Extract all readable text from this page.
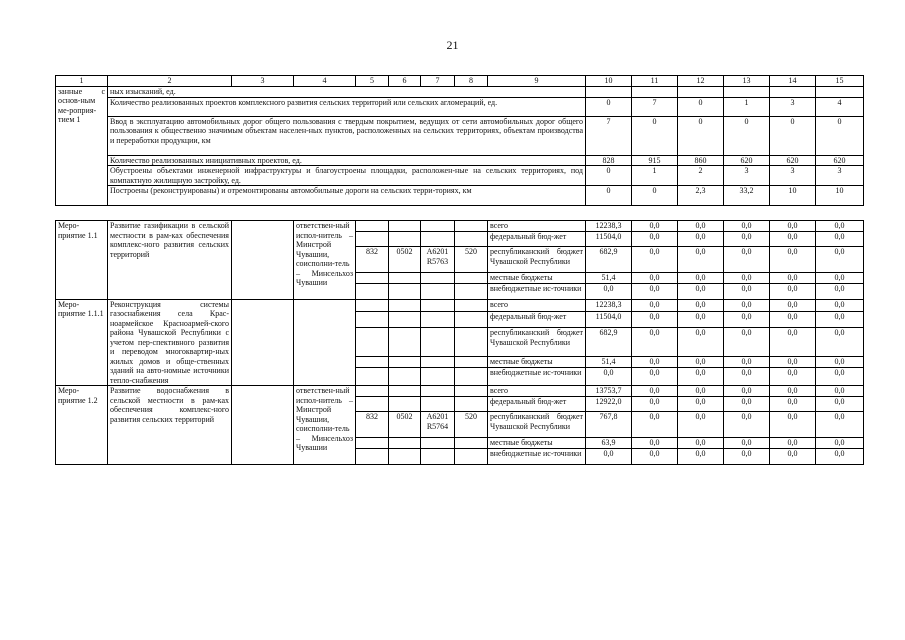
21
1	2	3	4	5	6	7	8	9	10	11	12	13	14	15
занные с основ-ным ме-роприя-тием 1	ных изысканий, ед.													
	Количество реализованных проектов комплексного развития сельских территорий или сельских агломераций, ед.								0	7	0	1	3	4
	Ввод в эксплуатацию автомобильных дорог общего пользования с твердым покрытием, ведущих от сети автомобильных дорог общего пользования к общественно значимым объектам населен-ных пунктов, расположенных на сельских территориях, объектам производства и переработки продукции, км								7	0	0	0	0	0
	Количество реализованных инициативных проектов, ед.								828	915	860	620	620	620
	Обустроены объектами инженерной инфраструктуры и благоустроены площадки, расположен-ные на сельских территориях, под компактную жилищную застройку, ед.								0	1	2	3	3	3
	Построены (реконструированы) и отремонтированы автомобильные дороги на сельских терри-ториях, км								0	0	2,3	33,2	10	10

Меро-приятие 1.1	Развитие газификации в сельской местности в рам-ках обеспечения комплекс-ного развития сельских территорий		ответствен-ный испол-нитель – Минстрой Чувашии, соисполни-тель – Минсельхоз Чувашии					всего	12238,3	0,0	0,0	0,0	0,0	0,0
								федеральный бюд-жет	11504,0	0,0	0,0	0,0	0,0	0,0
				832	0502	А6201 R5763	520	республиканский бюджет Чувашской Республики	682,9	0,0	0,0	0,0	0,0	0,0
								местные бюджеты	51,4	0,0	0,0	0,0	0,0	0,0
								внебюджетные ис-точники	0,0	0,0	0,0	0,0	0,0	0,0
Меро-приятие 1.1.1	Реконструкция системы газоснабжения села Крас-ноармейское Красноармей-ского района Чувашской Республики с учетом пер-спективного развития и переводом многоквартир-ных жилых домов и обще-ственных зданий на авто-номные источники тепло-снабжения							всего	12238,3	0,0	0,0	0,0	0,0	0,0
								федеральный бюд-жет	11504,0	0,0	0,0	0,0	0,0	0,0
								республиканский бюджет Чувашской Республики	682,9	0,0	0,0	0,0	0,0	0,0
								местные бюджеты	51,4	0,0	0,0	0,0	0,0	0,0
								внебюджетные ис-точники	0,0	0,0	0,0	0,0	0,0	0,0
Меро-приятие 1.2	Развитие водоснабжения в сельской местности в рам-ках обеспечения комплекс-ного развития сельских территорий		ответствен-ный испол-нитель – Минстрой Чувашии, соисполни-тель – Минсельхоз Чувашии					всего	13753,7	0,0	0,0	0,0	0,0	0,0
								федеральный бюд-жет	12922,0	0,0	0,0	0,0	0,0	0,0
				832	0502	А6201 R5764	520	республиканский бюджет Чувашской Республики	767,8	0,0	0,0	0,0	0,0	0,0
								местные бюджеты	63,9	0,0	0,0	0,0	0,0	0,0
								внебюджетные ис-точники	0,0	0,0	0,0	0,0	0,0	0,0
